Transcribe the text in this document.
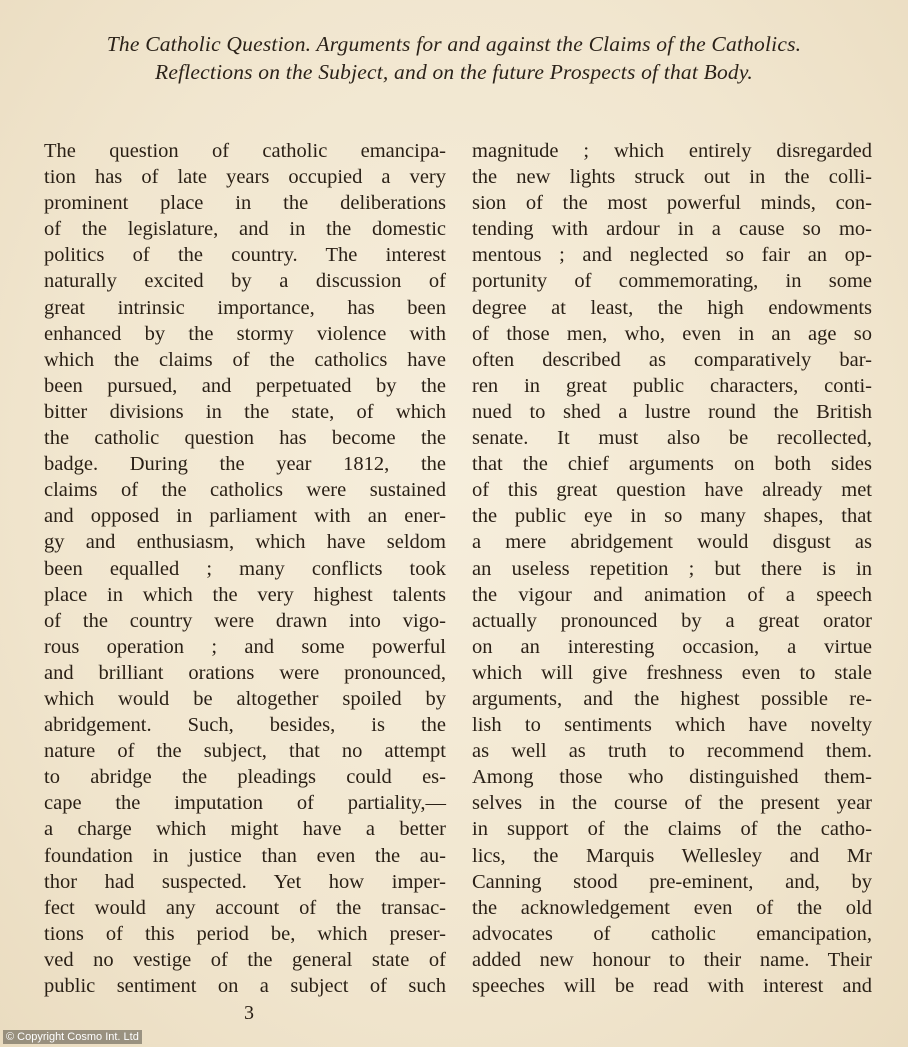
The Catholic Question. Arguments for and against the Claims of the Catholics.
Reflections on the Subject, and on the future Prospects of that Body.
The question of catholic emancipa-
tion has of late years occupied a very
prominent place in the deliberations
of the legislature, and in the domestic
politics of the country. The interest
naturally excited by a discussion of
great intrinsic importance, has been
enhanced by the stormy violence with
which the claims of the catholics have
been pursued, and perpetuated by the
bitter divisions in the state, of which
the catholic question has become the
badge. During the year 1812, the
claims of the catholics were sustained
and opposed in parliament with an ener-
gy and enthusiasm, which have seldom
been equalled ; many conflicts took
place in which the very highest talents
of the country were drawn into vigo-
rous operation ; and some powerful
and brilliant orations were pronounced,
which would be altogether spoiled by
abridgement. Such, besides, is the
nature of the subject, that no attempt
to abridge the pleadings could es-
cape the imputation of partiality,—
a charge which might have a better
foundation in justice than even the au-
thor had suspected. Yet how imper-
fect would any account of the transac-
tions of this period be, which preser-
ved no vestige of the general state of
public sentiment on a subject of such
magnitude ; which entirely disregarded
the new lights struck out in the colli-
sion of the most powerful minds, con-
tending with ardour in a cause so mo-
mentous ; and neglected so fair an op-
portunity of commemorating, in some
degree at least, the high endowments
of those men, who, even in an age so
often described as comparatively bar-
ren in great public characters, conti-
nued to shed a lustre round the British
senate. It must also be recollected,
that the chief arguments on both sides
of this great question have already met
the public eye in so many shapes, that
a mere abridgement would disgust as
an useless repetition ; but there is in
the vigour and animation of a speech
actually pronounced by a great orator
on an interesting occasion, a virtue
which will give freshness even to stale
arguments, and the highest possible re-
lish to sentiments which have novelty
as well as truth to recommend them.
Among those who distinguished them-
selves in the course of the present year
in support of the claims of the catho-
lics, the Marquis Wellesley and Mr
Canning stood pre-eminent, and, by
the acknowledgement even of the old
advocates of catholic emancipation,
added new honour to their name. Their
speeches will be read with interest and
3
© Copyright Cosmo Int. Ltd
